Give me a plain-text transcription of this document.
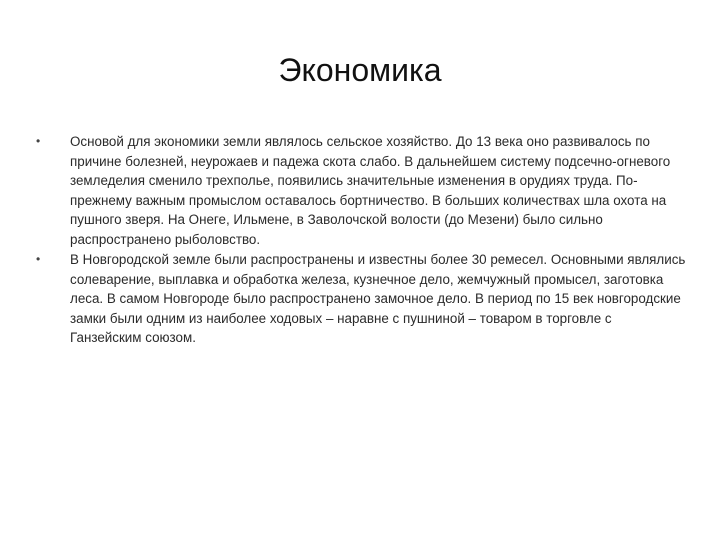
Экономика
•	Основой для экономики земли являлось сельское хозяйство. До 13 века оно развивалось по причине болезней, неурожаев и падежа скота слабо. В дальнейшем систему подсечно-огневого земледелия сменило трехполье, появились значительные изменения в орудиях труда. По-прежнему важным промыслом оставалось бортничество. В больших количествах шла охота на пушного зверя. На Онеге, Ильмене, в Заволочской волости (до Мезени) было сильно распространено рыболовство.
•	В Новгородской земле были распространены и известны более 30 ремесел. Основными являлись солеварение, выплавка и обработка железа, кузнечное дело, жемчужный промысел, заготовка леса. В самом Новгороде было распространено замочное дело. В период по 15 век новгородские замки были одним из наиболее ходовых – наравне с пушниной – товаром в торговле с Ганзейским союзом.
